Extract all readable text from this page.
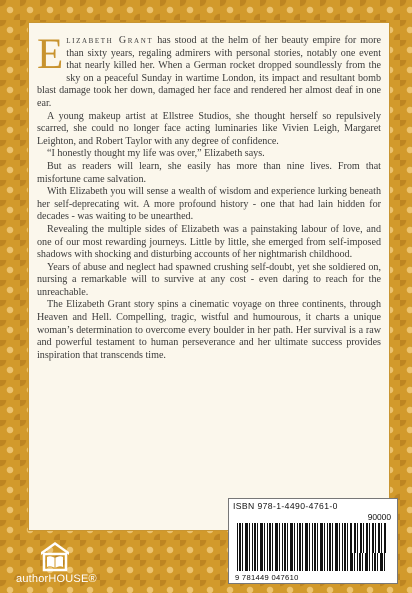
Elizabeth Grant has stood at the helm of her beauty empire for more than sixty years, regaling admirers with personal stories, notably one event that nearly killed her. When a German rocket dropped soundlessly from the sky on a peaceful Sunday in wartime London, its impact and resultant bomb blast damage took her down, damaged her face and rendered her almost deaf in one ear.

A young makeup artist at Ellstree Studios, she thought herself so repulsively scarred, she could no longer face acting luminaries like Vivien Leigh, Margaret Leighton, and Robert Taylor with any degree of confidence.

“I honestly thought my life was over,” Elizabeth says.

But as readers will learn, she easily has more than nine lives. From that misfortune came salvation.

With Elizabeth you will sense a wealth of wisdom and experience lurking beneath her self-deprecating wit. A more profound history - one that had lain hidden for decades - was waiting to be unearthed.

Revealing the multiple sides of Elizabeth was a painstaking labour of love, and one of our most rewarding journeys. Little by little, she emerged from self-imposed shadows with shocking and disturbing accounts of her nightmarish childhood.

Years of abuse and neglect had spawned crushing self-doubt, yet she soldiered on, nursing a remarkable will to survive at any cost - even daring to reach for the unreachable.

The Elizabeth Grant story spins a cinematic voyage on three continents, through Heaven and Hell. Compelling, tragic, wistful and humourous, it charts a unique woman’s determination to overcome every boulder in her path. Her survival is a raw and powerful testament to human perseverance and her ultimate success provides inspiration that transcends time.

authorHOUSE®
ISBN 978-1-4490-4761-0
90000
9 781449 047610
